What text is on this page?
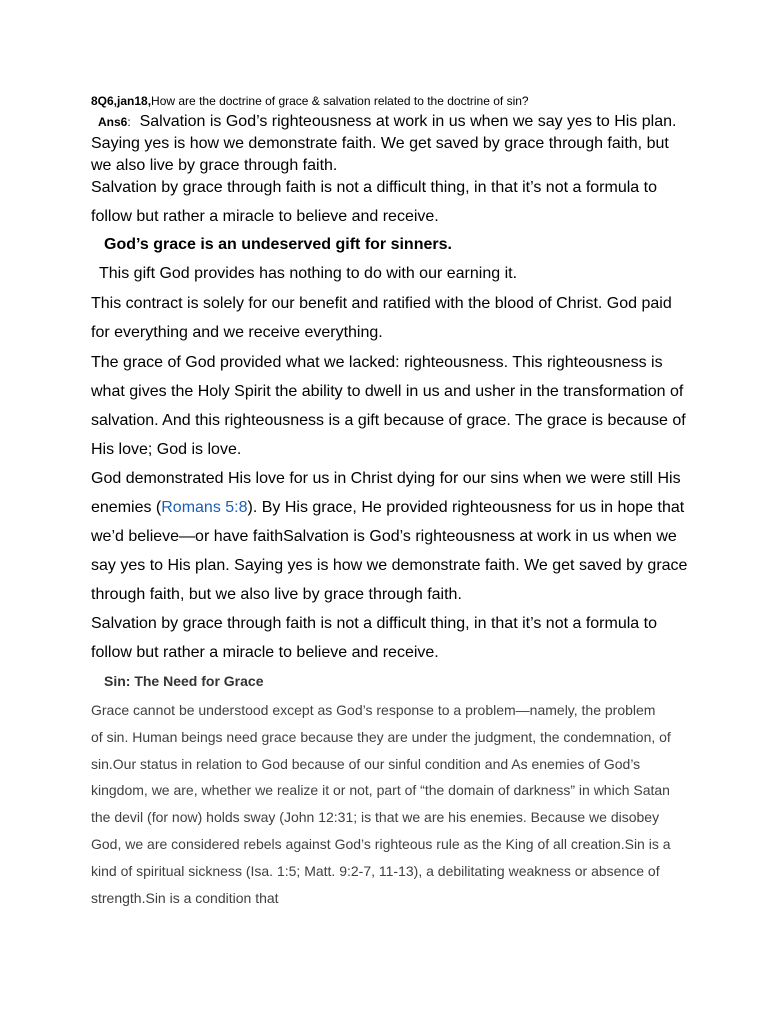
8Q6,jan18,How are the doctrine of grace & salvation related to the doctrine of sin?
Ans6: Salvation is God’s righteousness at work in us when we say yes to His plan. Saying yes is how we demonstrate faith. We get saved by grace through faith, but we also live by grace through faith.
Salvation by grace through faith is not a difficult thing, in that it’s not a formula to follow but rather a miracle to believe and receive.
God’s grace is an undeserved gift for sinners.
This gift God provides has nothing to do with our earning it.
This contract is solely for our benefit and ratified with the blood of Christ. God paid for everything and we receive everything.
The grace of God provided what we lacked: righteousness. This righteousness is what gives the Holy Spirit the ability to dwell in us and usher in the transformation of salvation. And this righteousness is a gift because of grace. The grace is because of His love; God is love.
God demonstrated His love for us in Christ dying for our sins when we were still His enemies (Romans 5:8). By His grace, He provided righteousness for us in hope that we’d believe—or have faithSalvation is God’s righteousness at work in us when we say yes to His plan. Saying yes is how we demonstrate faith. We get saved by grace through faith, but we also live by grace through faith.
Salvation by grace through faith is not a difficult thing, in that it’s not a formula to follow but rather a miracle to believe and receive.
Sin: The Need for Grace
Grace cannot be understood except as God’s response to a problem—namely, the problem of sin. Human beings need grace because they are under the judgment, the condemnation, of sin.Our status in relation to God because of our sinful condition and As enemies of God’s kingdom, we are, whether we realize it or not, part of “the domain of darkness” in which Satan the devil (for now) holds sway (John 12:31; is that we are his enemies. Because we disobey God, we are considered rebels against God’s righteous rule as the King of all creation.Sin is a kind of spiritual sickness (Isa. 1:5; Matt. 9:2-7, 11-13), a debilitating weakness or absence of strength.Sin is a condition that
